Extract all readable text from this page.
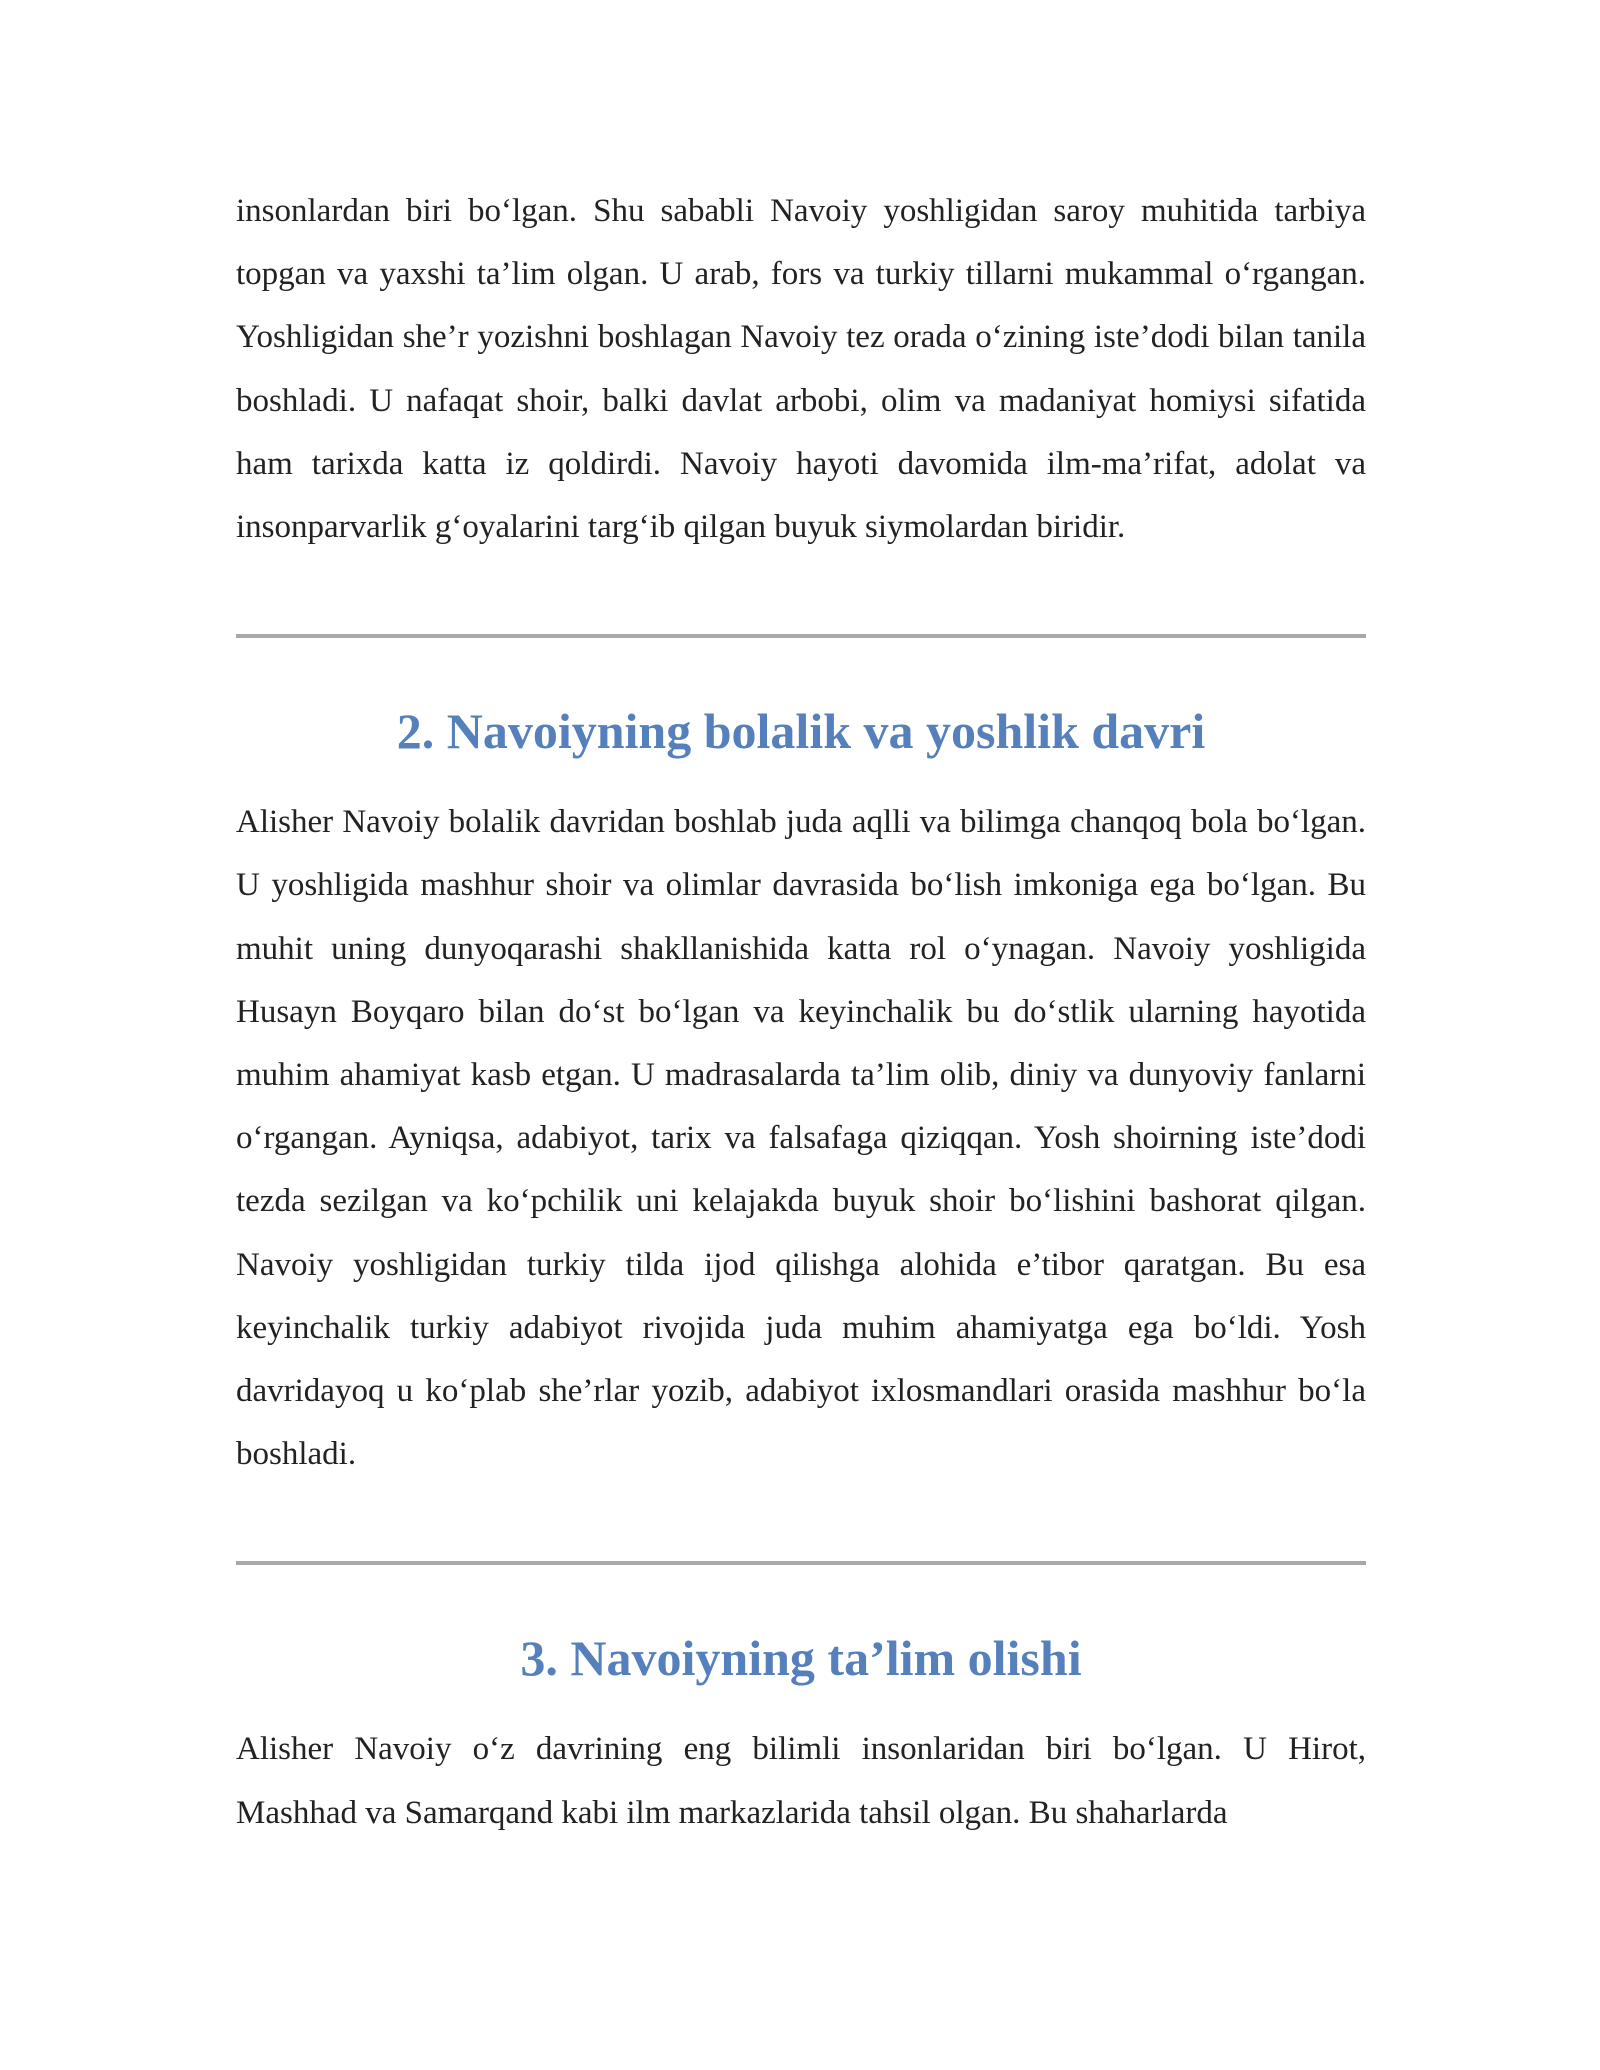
insonlardan biri bo‘lgan. Shu sababli Navoiy yoshligidan saroy muhitida tarbiya topgan va yaxshi ta’lim olgan. U arab, fors va turkiy tillarni mukammal o‘rgangan. Yoshligidan she’r yozishni boshlagan Navoiy tez orada o‘zining iste’dodi bilan tanila boshladi. U nafaqat shoir, balki davlat arbobi, olim va madaniyat homiysi sifatida ham tarixda katta iz qoldirdi. Navoiy hayoti davomida ilm-ma’rifat, adolat va insonparvarlik g‘oyalarini targ‘ib qilgan buyuk siymolardan biridir.

2. Navoiyning bolalik va yoshlik davri

Alisher Navoiy bolalik davridan boshlab juda aqlli va bilimga chanqoq bola bo‘lgan. U yoshligida mashhur shoir va olimlar davrasida bo‘lish imkoniga ega bo‘lgan. Bu muhit uning dunyoqarashi shakllanishida katta rol o‘ynagan. Navoiy yoshligida Husayn Boyqaro bilan do‘st bo‘lgan va keyinchalik bu do‘stlik ularning hayotida muhim ahamiyat kasb etgan. U madrasalarda ta’lim olib, diniy va dunyoviy fanlarni o‘rgangan. Ayniqsa, adabiyot, tarix va falsafaga qiziqqan. Yosh shoirning iste’dodi tezda sezilgan va ko‘pchilik uni kelajakda buyuk shoir bo‘lishini bashorat qilgan. Navoiy yoshligidan turkiy tilda ijod qilishga alohida e’tibor qaratgan. Bu esa keyinchalik turkiy adabiyot rivojida juda muhim ahamiyatga ega bo‘ldi. Yosh davridayoq u ko‘plab she’rlar yozib, adabiyot ixlosmandlari orasida mashhur bo‘la boshladi.

3. Navoiyning ta’lim olishi

Alisher Navoiy o‘z davrining eng bilimli insonlaridan biri bo‘lgan. U Hirot, Mashhad va Samarqand kabi ilm markazlarida tahsil olgan. Bu shaharlarda
